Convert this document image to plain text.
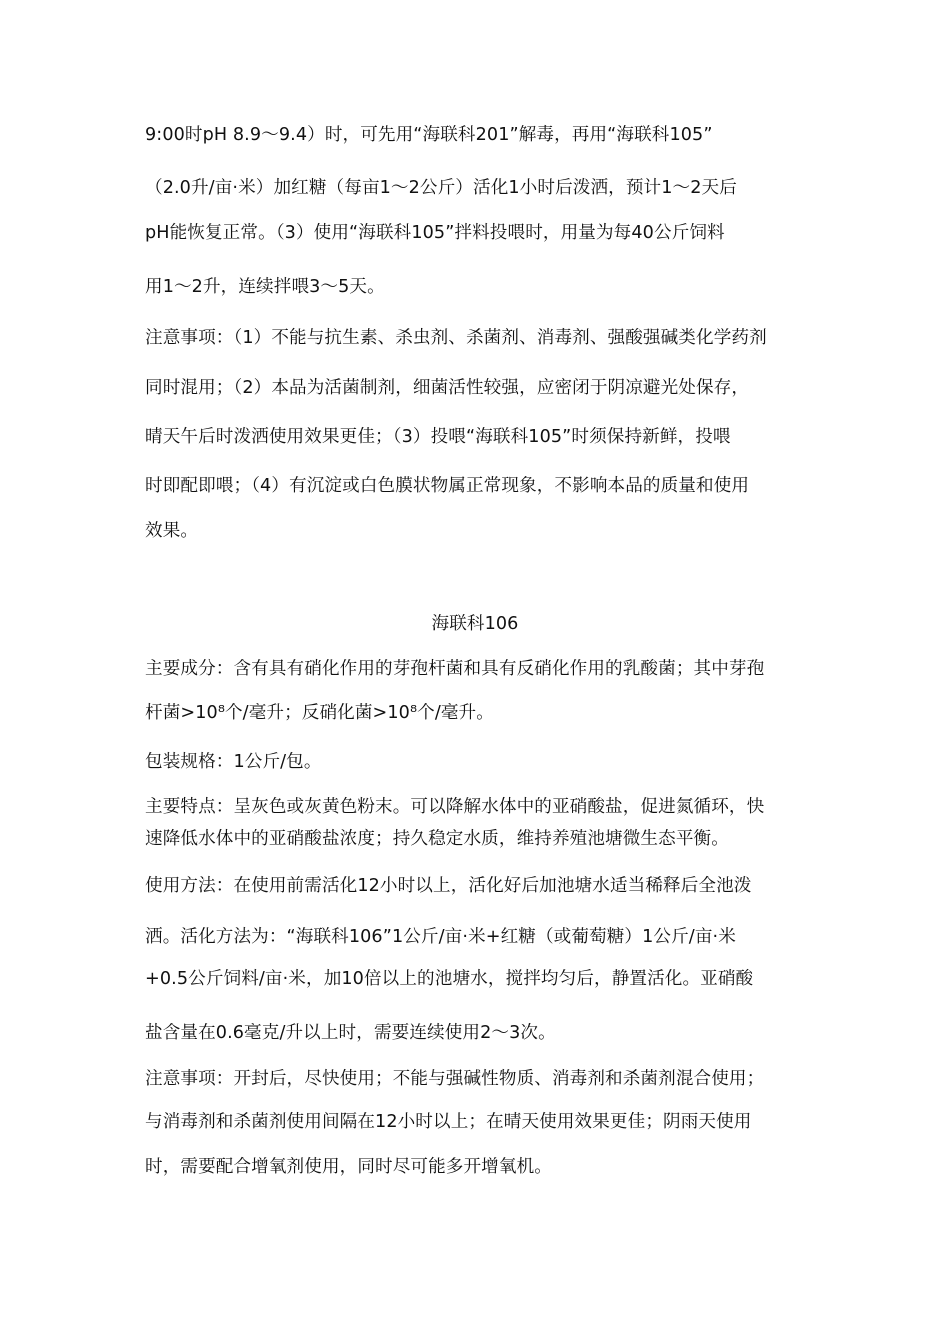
9:00时pH 8.9～9.4）时，可先用“海联科201”解毒，再用“海联科105”
（2.0升/亩·米）加红糖（每亩1～2公斤）活化1小时后泼洒，预计1～2天后
pH能恢复正常。（3）使用“海联科105”拌料投喂时，用量为每40公斤饲料
用1～2升，连续拌喂3～5天。
注意事项：（1）不能与抗生素、杀虫剂、杀菌剂、消毒剂、强酸强碱类化学药剂
同时混用；（2）本品为活菌制剂，细菌活性较强，应密闭于阴凉避光处保存，
晴天午后时泼洒使用效果更佳；（3）投喂“海联科105”时须保持新鲜，投喂
时即配即喂；（4）有沉淀或白色膜状物属正常现象，不影响本品的质量和使用
效果。
海联科106
主要成分：含有具有硝化作用的芽孢杆菌和具有反硝化作用的乳酸菌；其中芽孢
杆菌>10⁸个/毫升；反硝化菌>10⁸个/毫升。
包装规格：1公斤/包。
主要特点：呈灰色或灰黄色粉末。可以降解水体中的亚硝酸盐，促进氮循环，快
速降低水体中的亚硝酸盐浓度；持久稳定水质，维持养殖池塘微生态平衡。
使用方法：在使用前需活化12小时以上，活化好后加池塘水适当稀释后全池泼
洒。活化方法为：“海联科106”1公斤/亩·米+红糖（或葡萄糖）1公斤/亩·米
+0.5公斤饲料/亩·米，加10倍以上的池塘水，搅拌均匀后，静置活化。亚硝酸
盐含量在0.6毫克/升以上时，需要连续使用2～3次。
注意事项：开封后，尽快使用；不能与强碱性物质、消毒剂和杀菌剂混合使用；
与消毒剂和杀菌剂使用间隔在12小时以上；在晴天使用效果更佳；阴雨天使用
时，需要配合增氧剂使用，同时尽可能多开增氧机。
